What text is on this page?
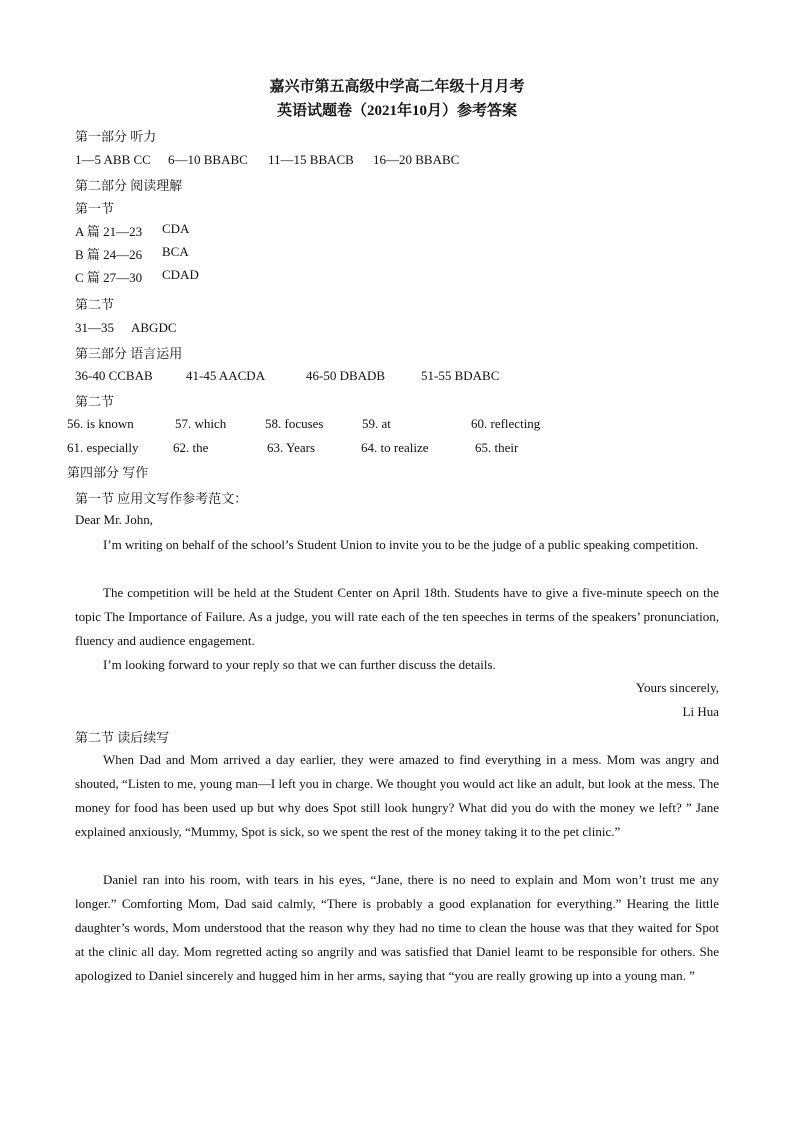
嘉兴市第五高级中学高二年级十月月考
英语试题卷（2021年10月）参考答案
第一部分 听力
1—5 ABB CC 6—10 BBABC 11—15 BBACB 16—20 BBABC
第二部分 阅读理解
第一节
A 篇 21—23 CDA
B 篇 24—26 BCA
C 篇 27—30 CDAD
第二节
31—35 ABGDC
第三部分 语言运用
36-40 CCBAB	41-45 AACDA	46-50 DBADB	51-55 BDABC
第二节
56. is known	57. which	58. focuses	59. at	60. reflecting
61. especially	62. the	63. Years	64. to realize	65. their
第四部分 写作
第一节 应用文写作参考范文：
Dear Mr. John,
I’m writing on behalf of the school’s Student Union to invite you to be the judge of a public speaking competition.
The competition will be held at the Student Center on April 18th. Students have to give a five-minute speech on the topic The Importance of Failure. As a judge, you will rate each of the ten speeches in terms of the speakers’ pronunciation, fluency and audience engagement.
I’m looking forward to your reply so that we can further discuss the details.
Yours sincerely,
Li Hua
第二节 读后续写
When Dad and Mom arrived a day earlier, they were amazed to find everything in a mess. Mom was angry and shouted, “Listen to me, young man—I left you in charge. We thought you would act like an adult, but look at the mess. The money for food has been used up but why does Spot still look hungry? What did you do with the money we left? ” Jane explained anxiously, “Mummy, Spot is sick, so we spent the rest of the money taking it to the pet clinic.”
Daniel ran into his room, with tears in his eyes, “Jane, there is no need to explain and Mom won’t trust me any longer.” Comforting Mom, Dad said calmly, “There is probably a good explanation for everything.” Hearing the little daughter’s words, Mom understood that the reason why they had no time to clean the house was that they waited for Spot at the clinic all day. Mom regretted acting so angrily and was satisfied that Daniel leamt to be responsible for others. She apologized to Daniel sincerely and hugged him in her arms, saying that “you are really growing up into a young man. ”
